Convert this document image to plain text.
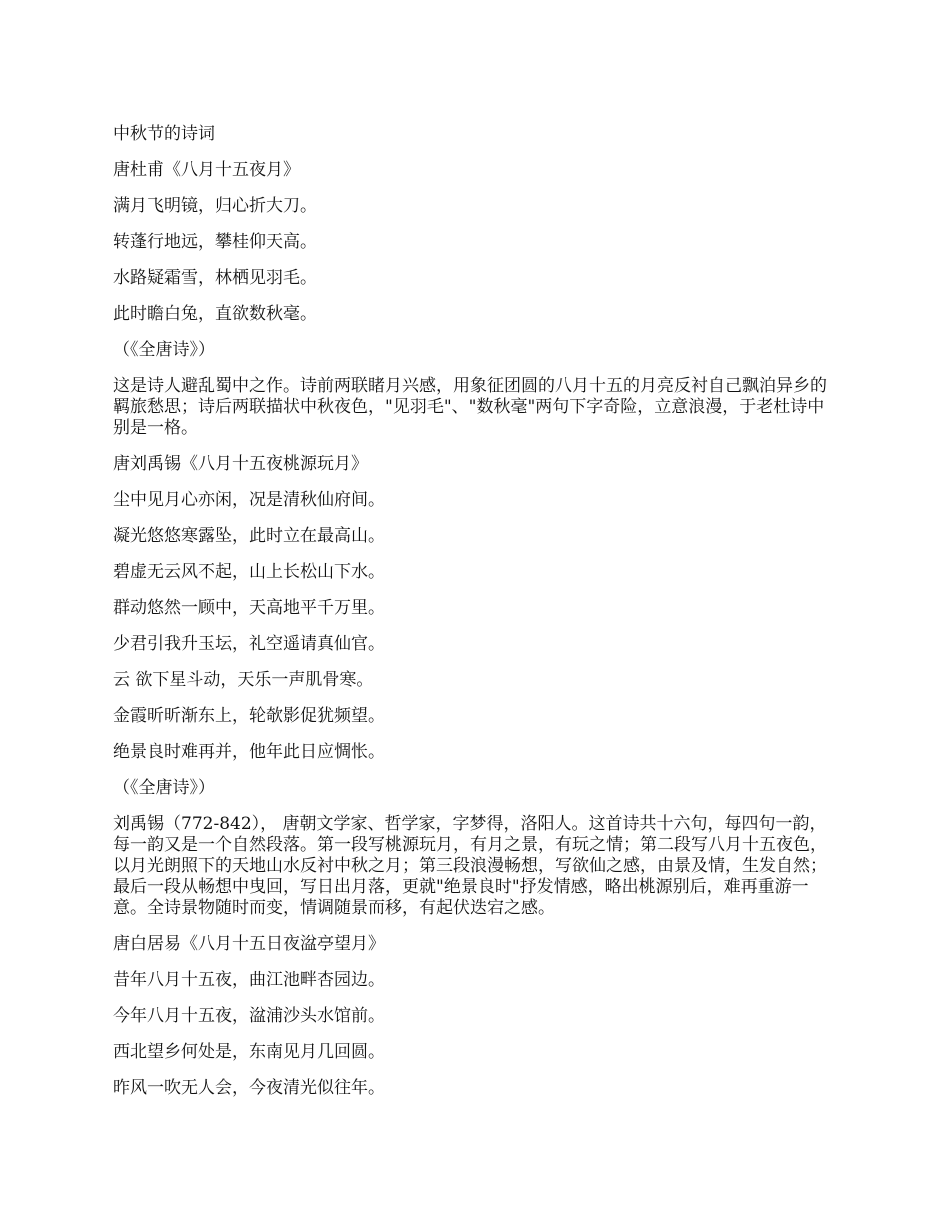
中秋节的诗词

唐杜甫《八月十五夜月》

满月飞明镜，归心折大刀。

转蓬行地远，攀桂仰天高。

水路疑霜雪，林栖见羽毛。

此时瞻白兔，直欲数秋毫。

（《全唐诗》）

这是诗人避乱蜀中之作。诗前两联睹月兴感，用象征团圆的八月十五的月亮反衬自己飘泊异乡的羁旅愁思；诗后两联描状中秋夜色，"见羽毛"、"数秋毫"两句下字奇险，立意浪漫，于老杜诗中别是一格。

唐刘禹锡《八月十五夜桃源玩月》

尘中见月心亦闲，况是清秋仙府间。

凝光悠悠寒露坠，此时立在最高山。

碧虚无云风不起，山上长松山下水。

群动悠然一顾中，天高地平千万里。

少君引我升玉坛，礼空遥请真仙官。

云 欲下星斗动，天乐一声肌骨寒。

金霞昕昕渐东上，轮欹影促犹频望。

绝景良时难再并，他年此日应惆怅。

（《全唐诗》）

刘禹锡（772-842）， 唐朝文学家、哲学家，字梦得，洛阳人。这首诗共十六句，每四句一韵，每一韵又是一个自然段落。第一段写桃源玩月，有月之景，有玩之情；第二段写八月十五夜色，以月光朗照下的天地山水反衬中秋之月；第三段浪漫畅想，写欲仙之感，由景及情，生发自然；最后一段从畅想中曳回，写日出月落，更就"绝景良时"抒发情感，略出桃源别后，难再重游一意。全诗景物随时而变，情调随景而移，有起伏迭宕之感。

唐白居易《八月十五日夜湓亭望月》

昔年八月十五夜，曲江池畔杏园边。

今年八月十五夜，湓浦沙头水馆前。

西北望乡何处是，东南见月几回圆。

昨风一吹无人会，今夜清光似往年。
